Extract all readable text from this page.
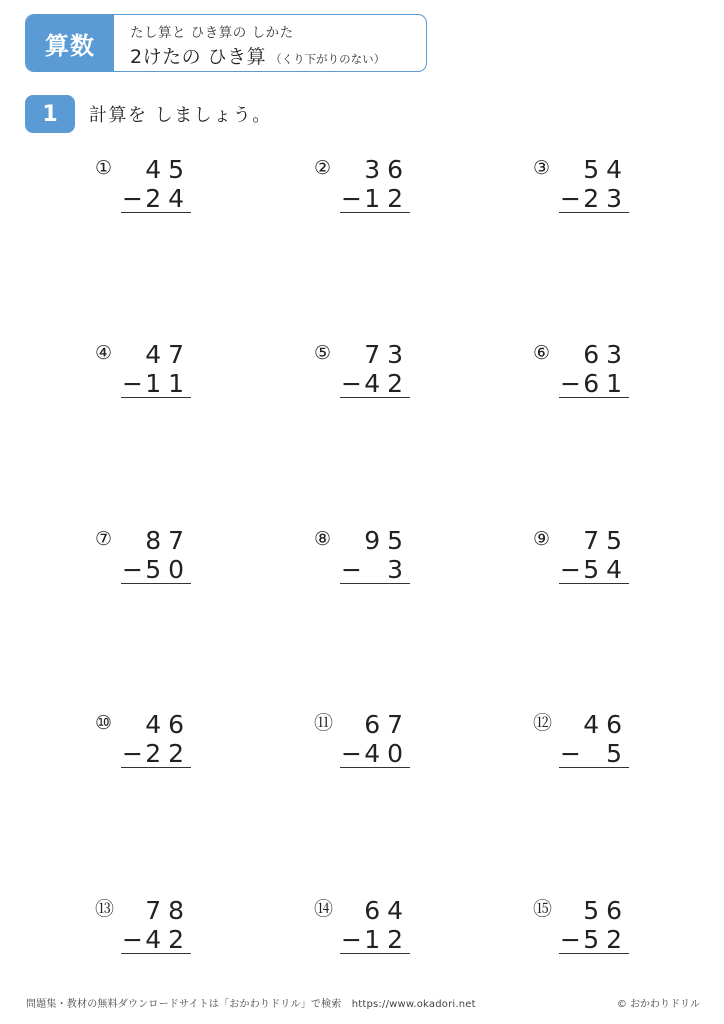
算数	たし算と ひき算の しかた
2けたの ひき算 （くり下がりのない）
1	計算を しましょう。
① 45
− 24
② 36
− 12
③ 54
− 23
④ 47
− 11
⑤ 73
− 42
⑥ 63
− 61
⑦ 87
− 50
⑧ 95
− 3
⑨ 75
− 54
⑩ 46
− 22
⑪ 67
− 40
⑫ 46
− 5
⑬ 78
− 42
⑭ 64
− 12
⑮ 56
− 52
問題集・教材の無料ダウンロードサイトは「おかわりドリル」で検索　https://www.okadori.net	© おかわりドリル
